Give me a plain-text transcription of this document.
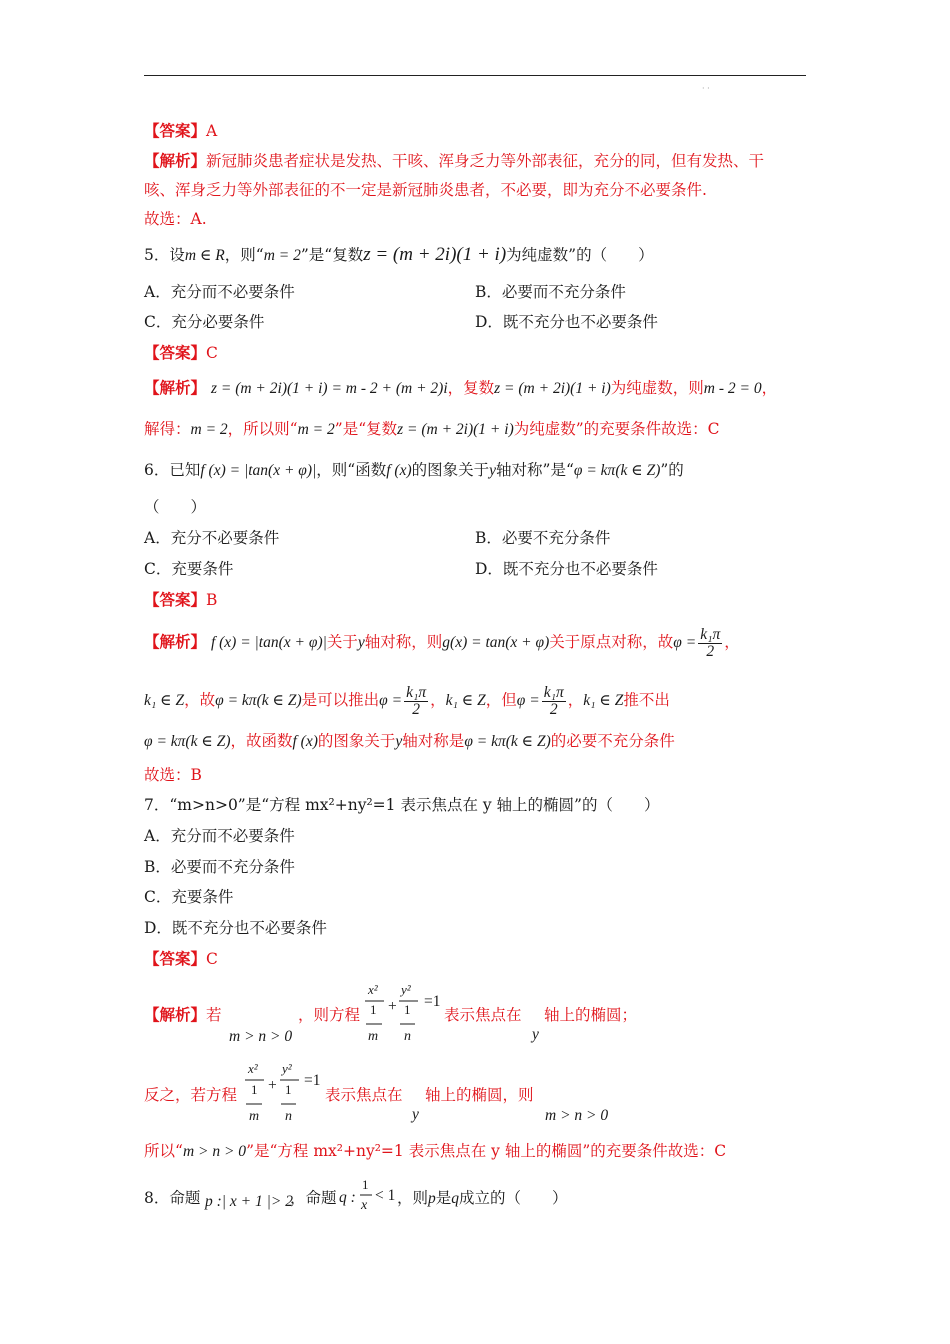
· ·
【答案】A
【解析】新冠肺炎患者症状是发热、干咳、浑身乏力等外部表征，充分的同，但有发热、干
咳、浑身乏力等外部表征的不一定是新冠肺炎患者，不必要，即为充分不必要条件.
故选：A.
5．设m ∈ R，则“m = 2”是“复数z = (m + 2i)(1 + i)为纯虚数”的（　　）
A．充分而不必要条件	B．必要而不充分条件
C．充分必要条件	D．既不充分也不必要条件
【答案】C
【解析】 z = (m + 2i)(1 + i) = m - 2 + (m + 2)i，复数z = (m + 2i)(1 + i)为纯虚数，则m - 2 = 0，
解得：m = 2，所以则“m = 2”是“复数z = (m + 2i)(1 + i)为纯虚数”的充要条件故选：C
6．已知f (x) = |tan(x + φ)|，则“函数f (x)的图象关于y轴对称”是“φ = kπ(k ∈ Z)”的
（　　）
A．充分不必要条件	B．必要不充分条件
C．充要条件	D．既不充分也不必要条件
【答案】B
【解析】 f (x) = |tan(x + φ)|关于y轴对称，则g(x) = tan(x + φ)关于原点对称，故$\varphi = \frac{\text{k₁π}}{2}$ ，
k₁ ∈ Z，故φ = kπ(k ∈ Z)是可以推出$\varphi = \frac{\text{k₁π}}{2}$ ，k₁ ∈ Z，但$\varphi = \frac{\text{k₁π}}{2}$ ，k₁ ∈ Z推不出
φ = kπ(k ∈ Z)，故函数f (x)的图象关于y轴对称是φ = kπ(k ∈ Z)的必要不充分条件
故选：B
7．“m>n>0”是“方程 mx²+ny²=1 表示焦点在 y 轴上的椭圆”的（　　）
A．充分而不必要条件
B．必要而不充分条件
C．充要条件
D．既不充分也不必要条件
【答案】C
【解析】若
m > n > 0
，则方程
x²
1
m
+
y²
1
n
=1
表示焦点在
y
轴上的椭圆；
反之，若方程
x²
1
m
+
y²
1
n
=1
表示焦点在
y
轴上的椭圆，则
m > n > 0
所以“m > n > 0”是“方程 mx²+ny²=1 表示焦点在 y 轴上的椭圆”的充要条件故选：C
8．命题 p :| x + 1 |> 2
，命题 q :
1
x
< 1 ，则p是q成立的（　　）
